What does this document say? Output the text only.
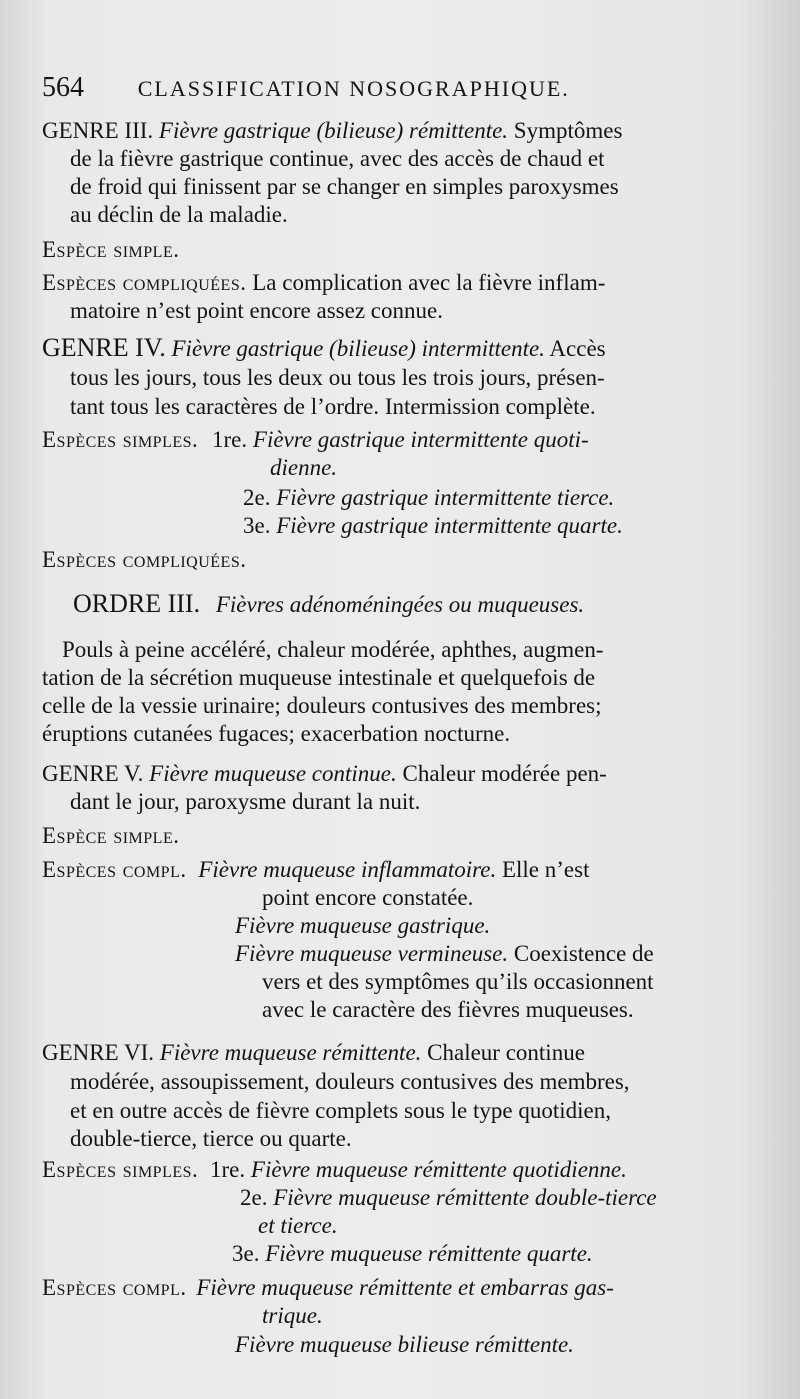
564 CLASSIFICATION NOSOGRAPHIQUE.
GENRE III. Fièvre gastrique (bilieuse) rémittente. Symptômes
de la fièvre gastrique continue, avec des accès de chaud et
de froid qui finissent par se changer en simples paroxysmes
au déclin de la maladie.
Espèce simple.
Espèces compliquées. La complication avec la fièvre inflam-
matoire n’est point encore assez connue.
GENRE IV. Fièvre gastrique (bilieuse) intermittente. Accès
tous les jours, tous les deux ou tous les trois jours, présen-
tant tous les caractères de l’ordre. Intermission complète.
Espèces simples. 1re. Fièvre gastrique intermittente quoti-
dienne.
2e. Fièvre gastrique intermittente tierce.
3e. Fièvre gastrique intermittente quarte.
Espèces compliquées.
ORDRE III. Fièvres adénoméningées ou muqueuses.
Pouls à peine accéléré, chaleur modérée, aphthes, augmen-
tation de la sécrétion muqueuse intestinale et quelquefois de
celle de la vessie urinaire; douleurs contusives des membres;
éruptions cutanées fugaces; exacerbation nocturne.
GENRE V. Fièvre muqueuse continue. Chaleur modérée pen-
dant le jour, paroxysme durant la nuit.
Espèce simple.
Espèces compl. Fièvre muqueuse inflammatoire. Elle n’est
point encore constatée.
Fièvre muqueuse gastrique.
Fièvre muqueuse vermineuse. Coexistence de
vers et des symptômes qu’ils occasionnent
avec le caractère des fièvres muqueuses.
GENRE VI. Fièvre muqueuse rémittente. Chaleur continue
modérée, assoupissement, douleurs contusives des membres,
et en outre accès de fièvre complets sous le type quotidien,
double-tierce, tierce ou quarte.
Espèces simples. 1re. Fièvre muqueuse rémittente quotidienne.
2e. Fièvre muqueuse rémittente double-tierce
et tierce.
3e. Fièvre muqueuse rémittente quarte.
Espèces compl. Fièvre muqueuse rémittente et embarras gas-
trique.
Fièvre muqueuse bilieuse rémittente.
